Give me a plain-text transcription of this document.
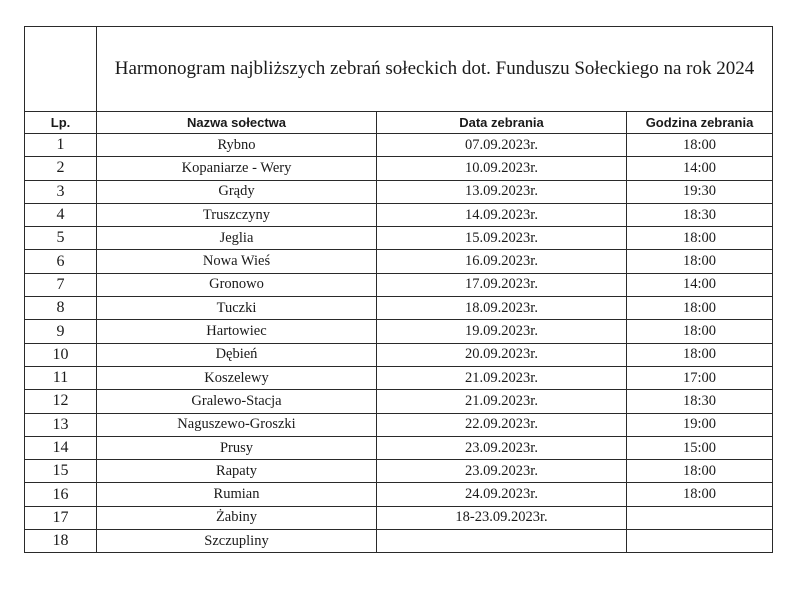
	Harmonogram najbliższych zebrań sołeckich dot. Funduszu Sołeckiego na rok 2024		
Lp.	Nazwa sołectwa	Data zebrania	Godzina zebrania
1	Rybno	07.09.2023r.	18:00
2	Kopaniarze - Wery	10.09.2023r.	14:00
3	Grądy	13.09.2023r.	19:30
4	Truszczyny	14.09.2023r.	18:30
5	Jeglia	15.09.2023r.	18:00
6	Nowa Wieś	16.09.2023r.	18:00
7	Gronowo	17.09.2023r.	14:00
8	Tuczki	18.09.2023r.	18:00
9	Hartowiec	19.09.2023r.	18:00
10	Dębień	20.09.2023r.	18:00
11	Koszelewy	21.09.2023r.	17:00
12	Gralewo-Stacja	21.09.2023r.	18:30
13	Naguszewo-Groszki	22.09.2023r.	19:00
14	Prusy	23.09.2023r.	15:00
15	Rapaty	23.09.2023r.	18:00
16	Rumian	24.09.2023r.	18:00
17	Żabiny	18-23.09.2023r.	
18	Szczupliny		
